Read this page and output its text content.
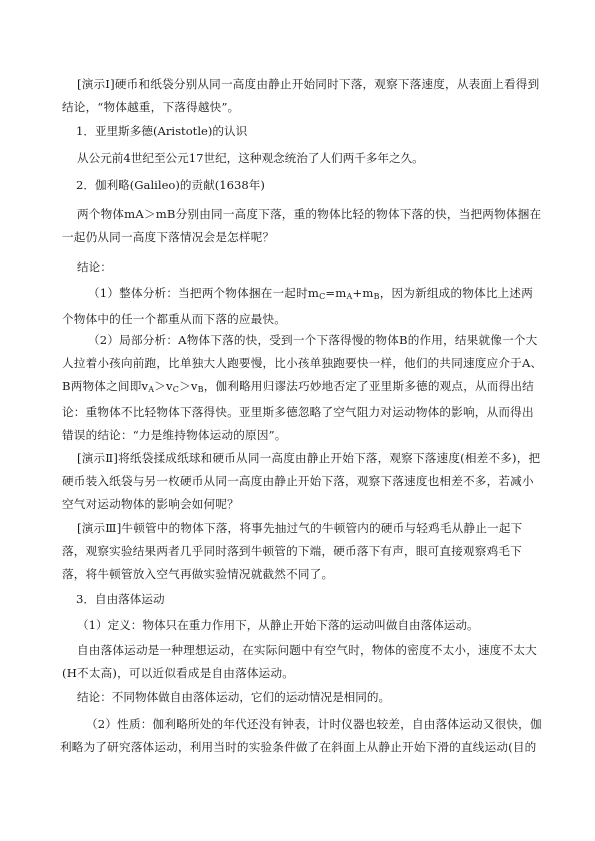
[演示Ⅰ]硬币和纸袋分别从同一高度由静止开始同时下落，观察下落速度，从表面上看得到结论，“物体越重，下落得越快”。
1．亚里斯多德(Aristotle)的认识
从公元前4世纪至公元17世纪，这种观念统治了人们两千多年之久。
2．伽利略(Galileo)的贡献(1638年)
两个物体mA＞mB分别由同一高度下落，重的物体比轻的物体下落的快，当把两物体捆在一起仍从同一高度下落情况会是怎样呢？
结论：
（1）整体分析：当把两个物体捆在一起时$m_C=m_A+m_B$，因为新组成的物体比上述两个物体中的任一个都重从而下落的应最快。
（2）局部分析：A物体下落的快，受到一个下落得慢的物体B的作用，结果就像一个大人拉着小孩向前跑，比单独大人跑要慢，比小孩单独跑要快一样，他们的共同速度应介于A、B两物体之间即$v_A>v_C>v_B$，伽利略用归谬法巧妙地否定了亚里斯多德的观点，从而得出结论：重物体不比轻物体下落得快。亚里斯多德忽略了空气阻力对运动物体的影响，从而得出错误的结论：“力是维持物体运动的原因”。
[演示Ⅱ]将纸袋揉成纸球和硬币从同一高度由静止开始下落，观察下落速度(相差不多)，把硬币装入纸袋与另一枚硬币从同一高度由静止开始下落，观察下落速度也相差不多，若减小空气对运动物体的影响会如何呢？
[演示Ⅲ]牛顿管中的物体下落，将事先抽过气的牛顿管内的硬币与轻鸡毛从静止一起下落，观察实验结果两者几乎同时落到牛顿管的下端，硬币落下有声，眼可直接观察鸡毛下落，将牛顿管放入空气再做实验情况就截然不同了。
3．自由落体运动
（1）定义：物体只在重力作用下，从静止开始下落的运动叫做自由落体运动。
自由落体运动是一种理想运动，在实际问题中有空气时，物体的密度不太小，速度不太大(H不太高)，可以近似看成是自由落体运动。
结论：不同物体做自由落体运动，它们的运动情况是相同的。
（2）性质：伽利略所处的年代还没有钟表，计时仪器也较差，自由落体运动又很快，伽利略为了研究落体运动，利用当时的实验条件做了在斜面上从静止开始下滑的直线运动(目的
